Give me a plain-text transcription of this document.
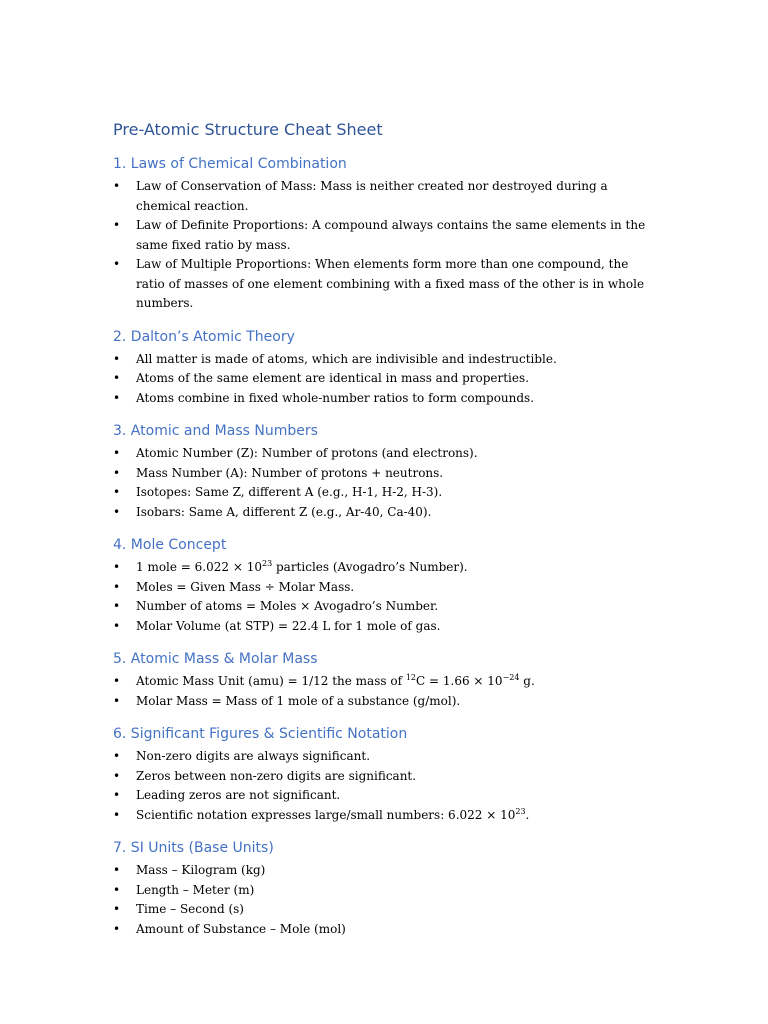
Pre-Atomic Structure Cheat Sheet
1. Laws of Chemical Combination
• Law of Conservation of Mass: Mass is neither created nor destroyed during a chemical reaction.
• Law of Definite Proportions: A compound always contains the same elements in the same fixed ratio by mass.
• Law of Multiple Proportions: When elements form more than one compound, the ratio of masses of one element combining with a fixed mass of the other is in whole numbers.
2. Dalton’s Atomic Theory
• All matter is made of atoms, which are indivisible and indestructible.
• Atoms of the same element are identical in mass and properties.
• Atoms combine in fixed whole-number ratios to form compounds.
3. Atomic and Mass Numbers
• Atomic Number (Z): Number of protons (and electrons).
• Mass Number (A): Number of protons + neutrons.
• Isotopes: Same Z, different A (e.g., H-1, H-2, H-3).
• Isobars: Same A, different Z (e.g., Ar-40, Ca-40).
4. Mole Concept
• 1 mole = $6.022 \times 10^{23}$ particles (Avogadro’s Number).
• Moles = Given Mass ÷ Molar Mass.
• Number of atoms = Moles × Avogadro’s Number.
• Molar Volume (at STP) = 22.4 L for 1 mole of gas.
5. Atomic Mass & Molar Mass
• Atomic Mass Unit (amu) = 1/12 the mass of $^{12}C = 1.66 \times 10^{-24}$ g.
• Molar Mass = Mass of 1 mole of a substance (g/mol).
6. Significant Figures & Scientific Notation
• Non-zero digits are always significant.
• Zeros between non-zero digits are significant.
• Leading zeros are not significant.
• Scientific notation expresses large/small numbers: $6.022 \times 10^{23}$.
7. SI Units (Base Units)
• Mass – Kilogram (kg)
• Length – Meter (m)
• Time – Second (s)
• Amount of Substance – Mole (mol)
